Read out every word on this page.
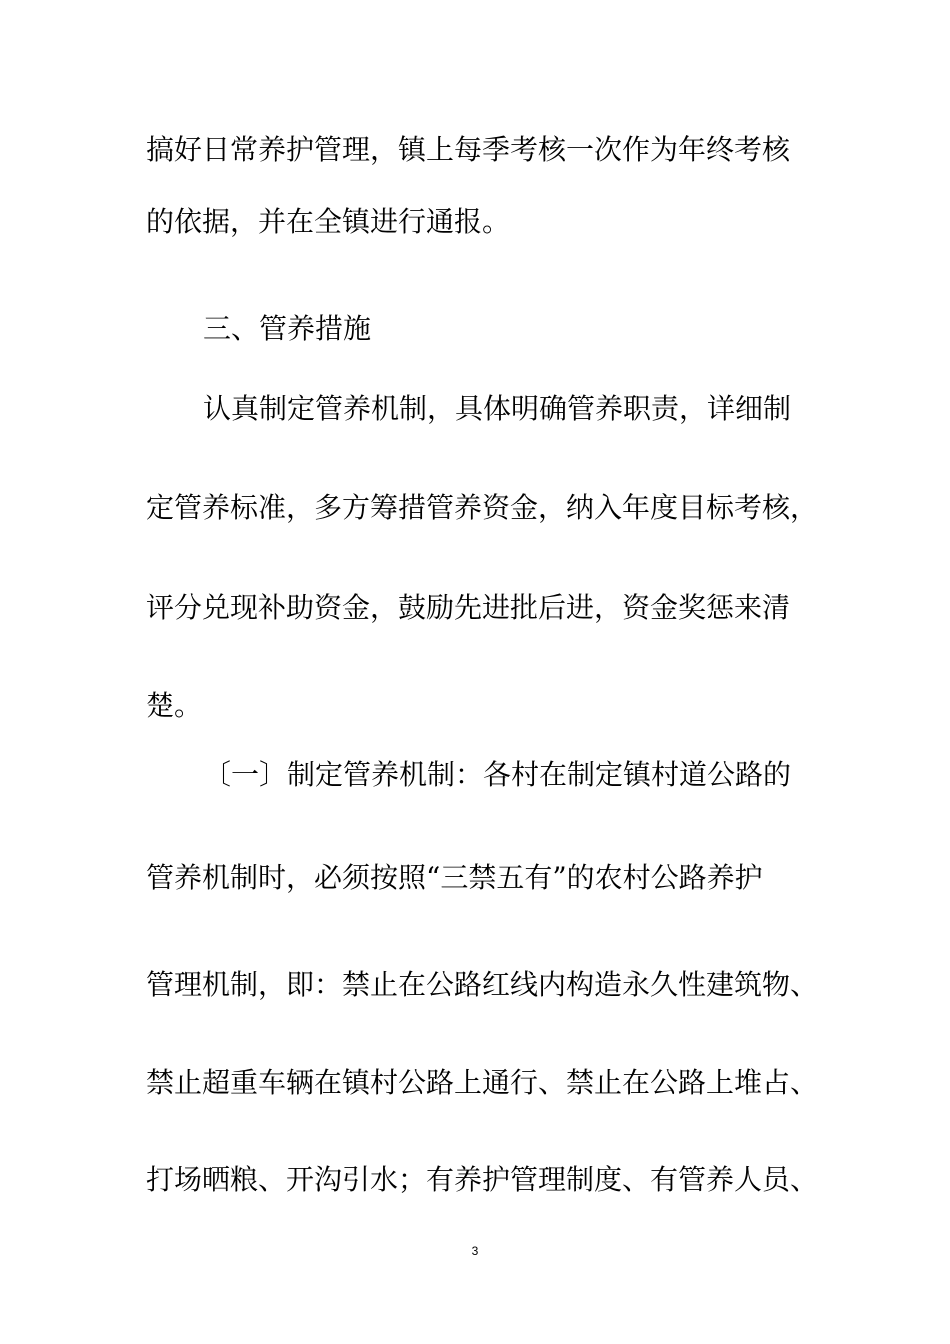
搞好日常养护管理，镇上每季考核一次作为年终考核
的依据，并在全镇进行通报。
三、管养措施
认真制定管养机制，具体明确管养职责，详细制
定管养标准，多方筹措管养资金，纳入年度目标考核，
评分兑现补助资金，鼓励先进批后进，资金奖惩来清
楚。
〔一〕制定管养机制：各村在制定镇村道公路的
管养机制时，必须按照“三禁五有”的农村公路养护
管理机制，即：禁止在公路红线内构造永久性建筑物、
禁止超重车辆在镇村公路上通行、禁止在公路上堆占、
打场晒粮、开沟引水；有养护管理制度、有管养人员、
3
